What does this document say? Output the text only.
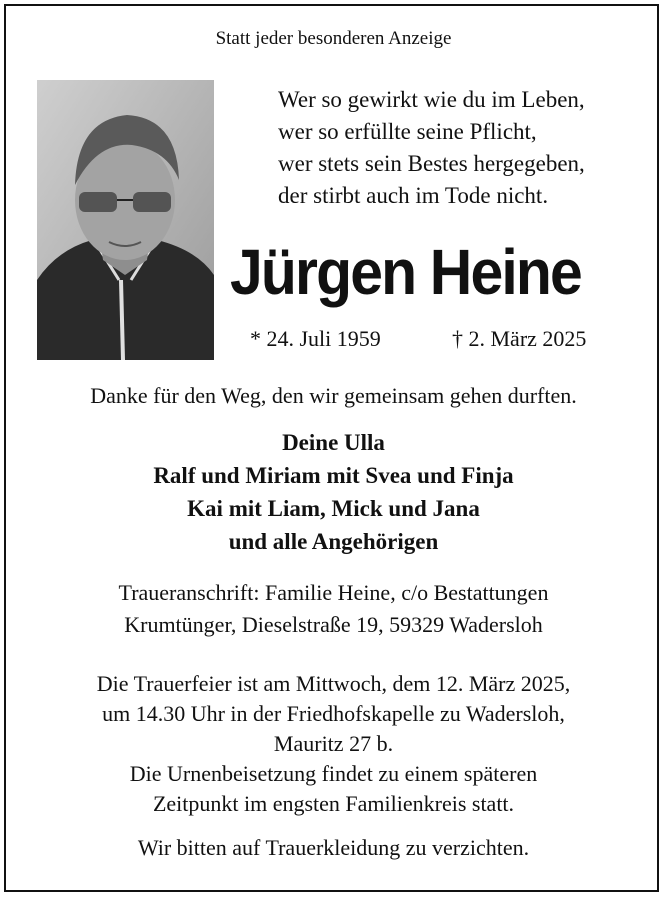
Statt jeder besonderen Anzeige
Wer so gewirkt wie du im Leben,
wer so erfüllte seine Pflicht,
wer stets sein Bestes hergegeben,
der stirbt auch im Tode nicht.
Jürgen Heine
* 24. Juli 1959	† 2. März 2025
Danke für den Weg, den wir gemeinsam gehen durften.
Deine Ulla
Ralf und Miriam mit Svea und Finja
Kai mit Liam, Mick und Jana
und alle Angehörigen
Traueranschrift: Familie Heine, c/o Bestattungen
Krumtünger, Dieselstraße 19, 59329 Wadersloh
Die Trauerfeier ist am Mittwoch, dem 12. März 2025,
um 14.30 Uhr in der Friedhofskapelle zu Wadersloh,
Mauritz 27 b.
Die Urnenbeisetzung findet zu einem späteren
Zeitpunkt im engsten Familienkreis statt.
Wir bitten auf Trauerkleidung zu verzichten.
